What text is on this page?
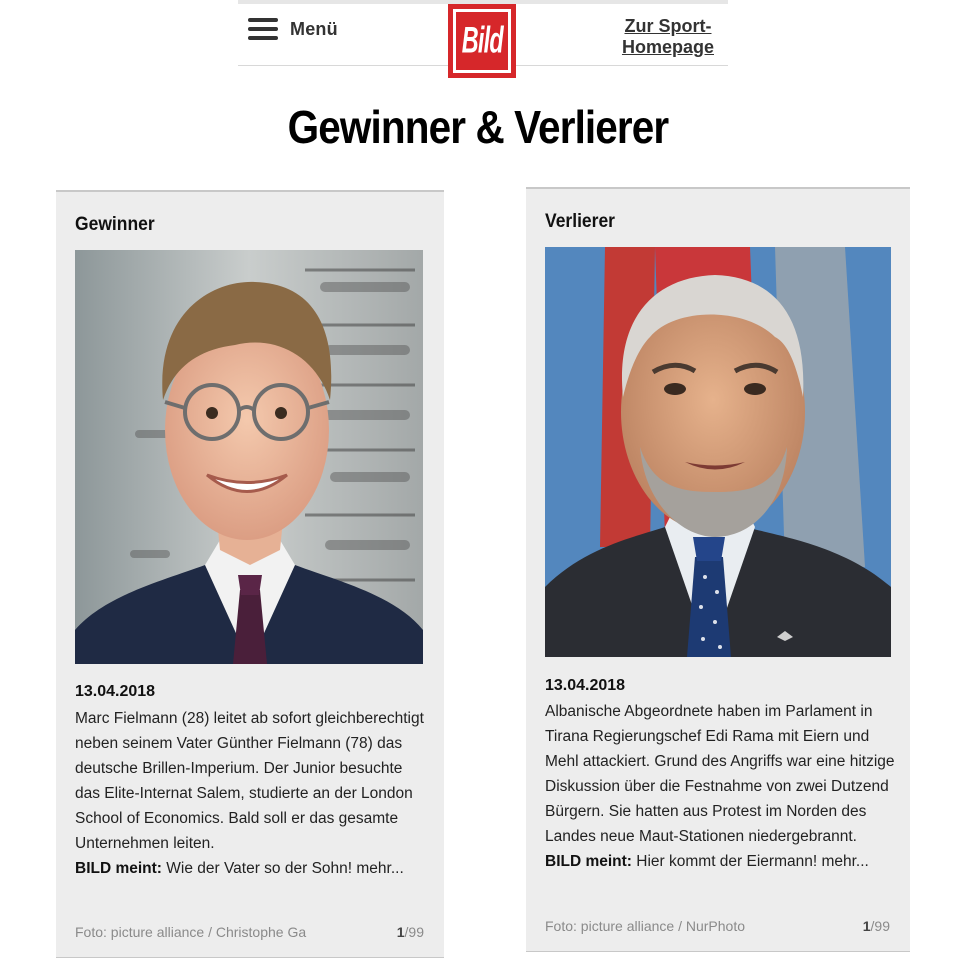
Menü	Bild	Zur Sport-
Homepage
Gewinner & Verlierer
Gewinner
13.04.2018
Marc Fielmann (28) leitet ab sofort gleichberechtigt neben seinem Vater Günther Fielmann (78) das deutsche Brillen-Imperium. Der Junior besuchte das Elite-Internat Salem, studierte an der London School of Economics. Bald soll er das gesamte Unternehmen leiten.
BILD meint: Wie der Vater so der Sohn! mehr...
Foto: picture alliance / Christophe Ga	1/99
Verlierer
13.04.2018
Albanische Abgeordnete haben im Parlament in Tirana Regierungschef Edi Rama mit Eiern und Mehl attackiert. Grund des Angriffs war eine hitzige Diskussion über die Festnahme von zwei Dutzend Bürgern. Sie hatten aus Protest im Norden des Landes neue Maut-Stationen niedergebrannt.
BILD meint: Hier kommt der Eiermann! mehr...
Foto: picture alliance / NurPhoto	1/99
